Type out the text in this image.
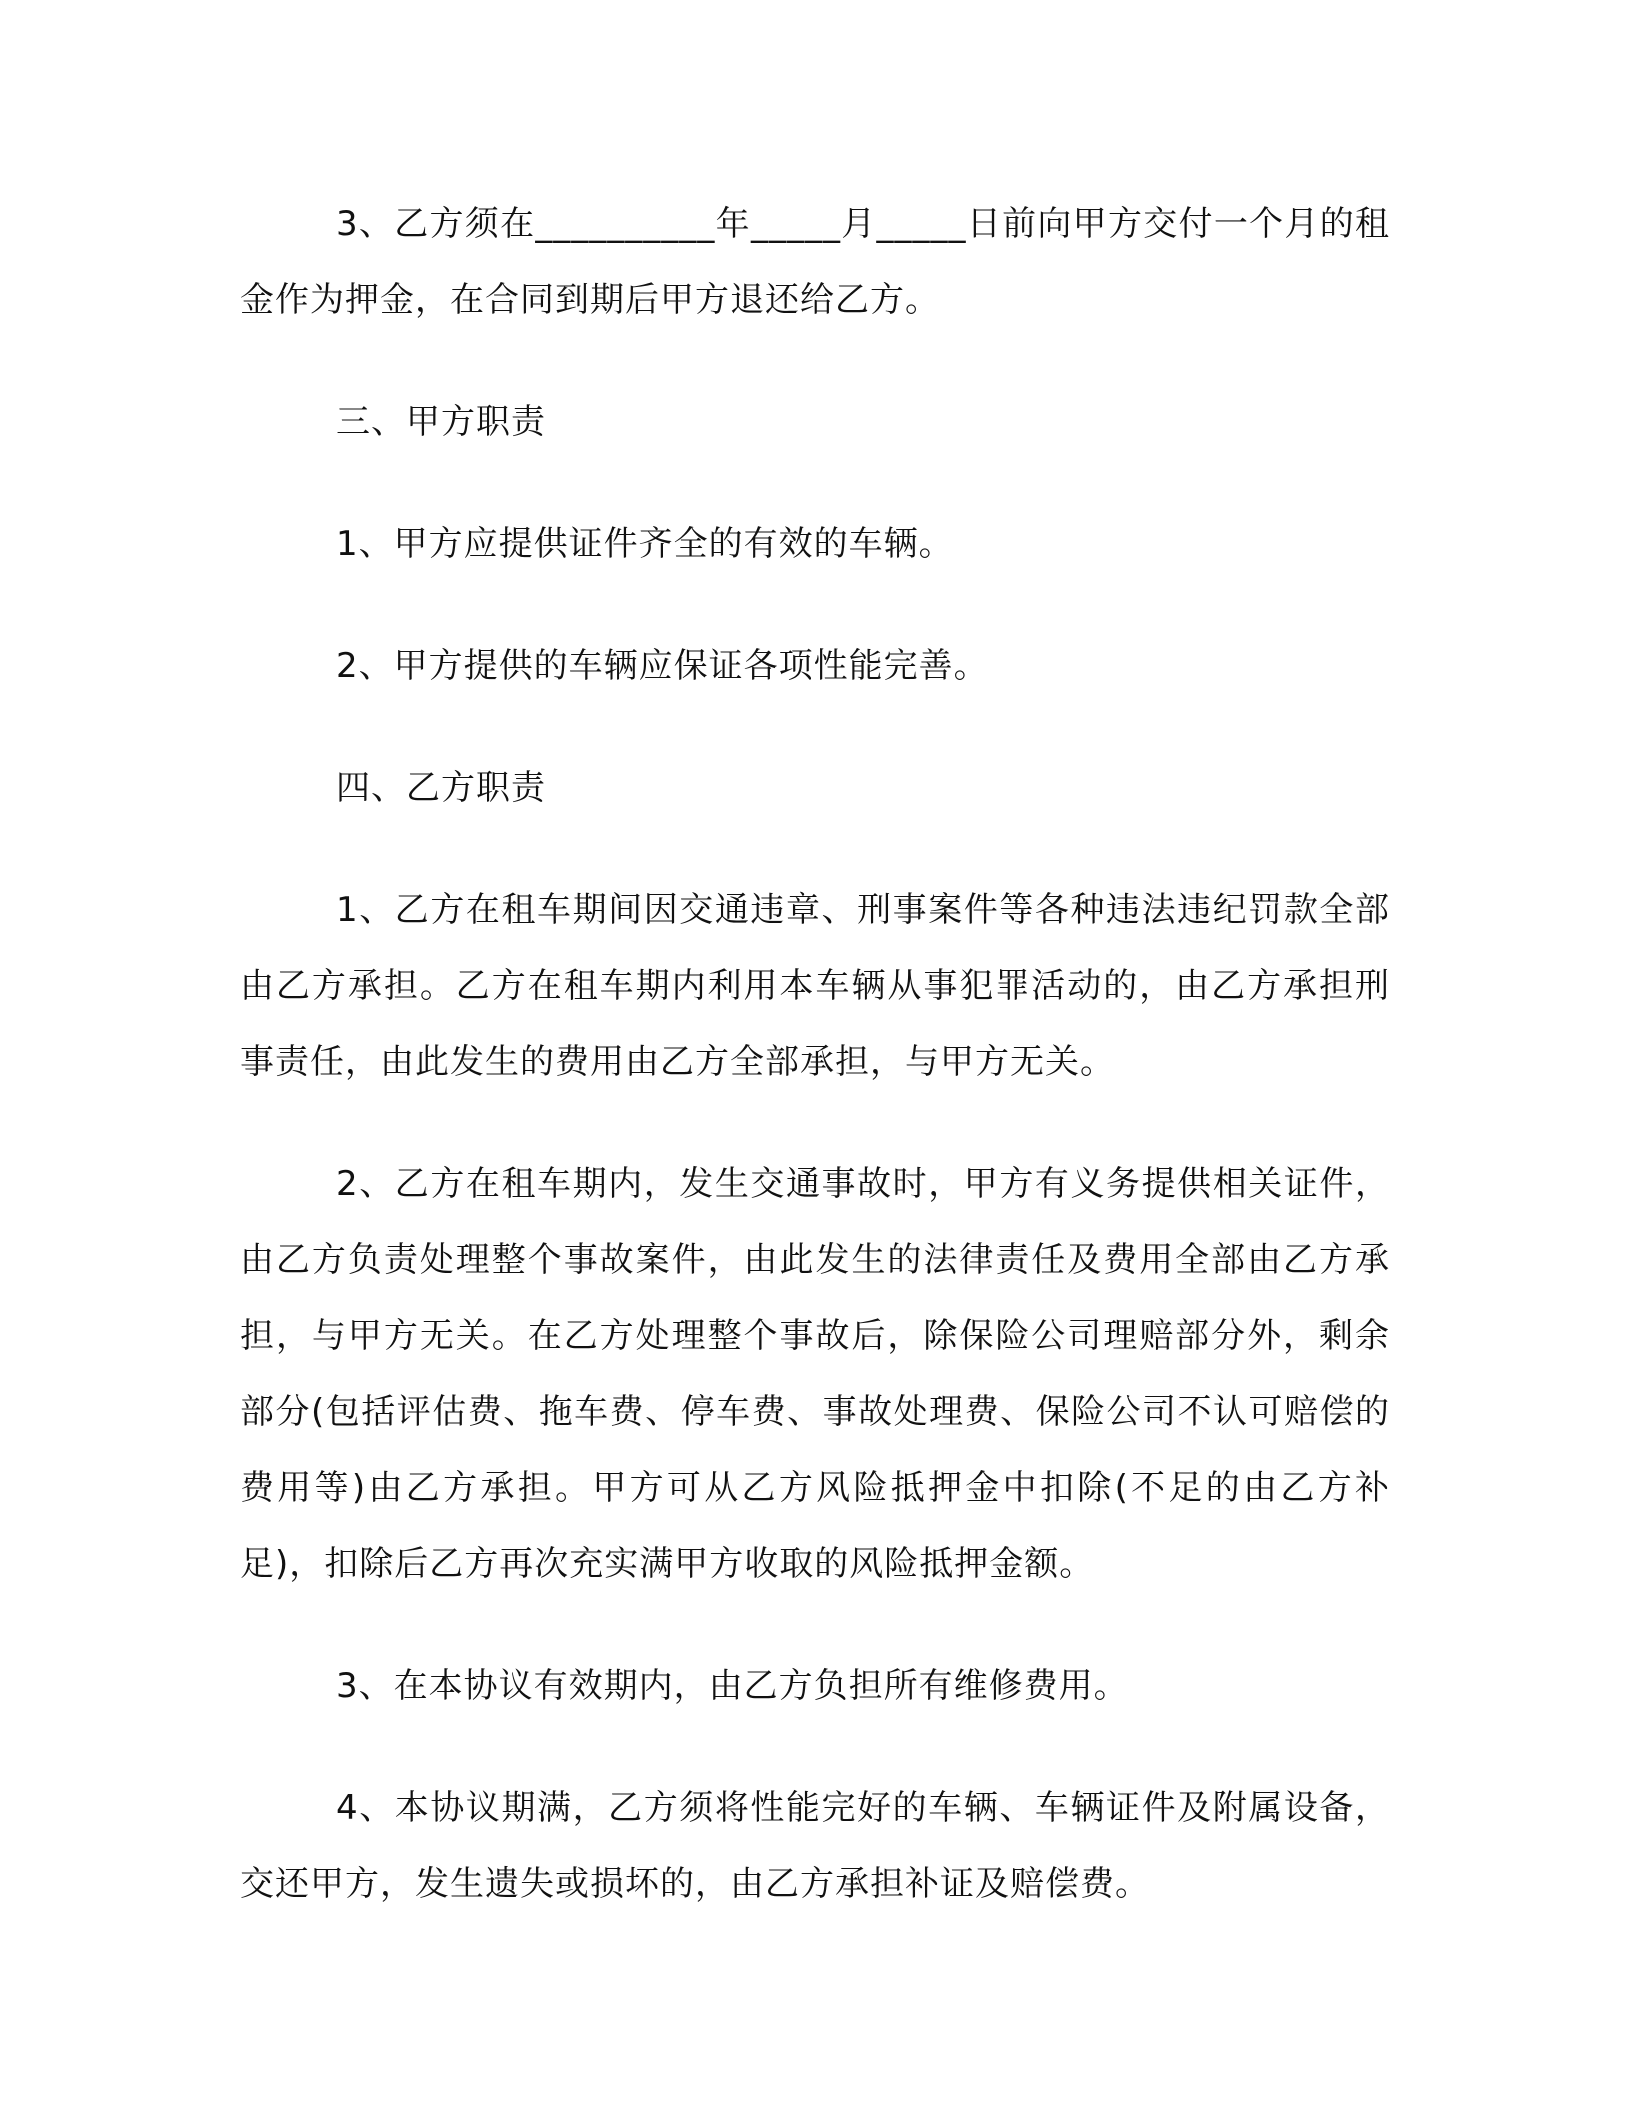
3、乙方须在__________年_____月_____日前向甲方交付一个月的租金作为押金，在合同到期后甲方退还给乙方。

三、甲方职责

1、甲方应提供证件齐全的有效的车辆。

2、甲方提供的车辆应保证各项性能完善。

四、乙方职责

1、乙方在租车期间因交通违章、刑事案件等各种违法违纪罚款全部由乙方承担。乙方在租车期内利用本车辆从事犯罪活动的，由乙方承担刑事责任，由此发生的费用由乙方全部承担，与甲方无关。

2、乙方在租车期内，发生交通事故时，甲方有义务提供相关证件，由乙方负责处理整个事故案件，由此发生的法律责任及费用全部由乙方承担，与甲方无关。在乙方处理整个事故后，除保险公司理赔部分外，剩余部分(包括评估费、拖车费、停车费、事故处理费、保险公司不认可赔偿的费用等)由乙方承担。甲方可从乙方风险抵押金中扣除(不足的由乙方补足)，扣除后乙方再次充实满甲方收取的风险抵押金额。

3、在本协议有效期内，由乙方负担所有维修费用。

4、本协议期满，乙方须将性能完好的车辆、车辆证件及附属设备，交还甲方，发生遗失或损坏的，由乙方承担补证及赔偿费。
